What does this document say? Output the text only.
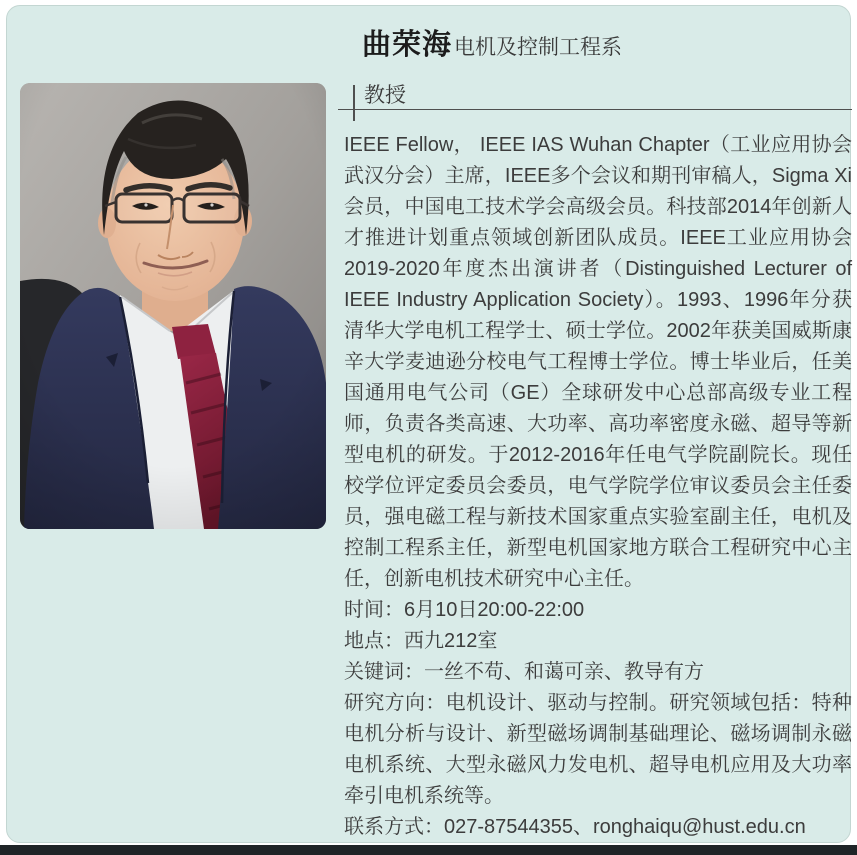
曲荣海 电机及控制工程系
教授

IEEE Fellow， IEEE IAS Wuhan Chapter（工业应用协会武汉分会）主席，IEEE多个会议和期刊审稿人，Sigma Xi会员，中国电工技术学会高级会员。科技部2014年创新人才推进计划重点领域创新团队成员。IEEE工业应用协会2019-2020年度杰出演讲者（Distinguished Lecturer of IEEE Industry Application Society）。1993、1996年分获清华大学电机工程学士、硕士学位。2002年获美国威斯康辛大学麦迪逊分校电气工程博士学位。博士毕业后，任美国通用电气公司（GE）全球研发中心总部高级专业工程师，负责各类高速、大功率、高功率密度永磁、超导等新型电机的研发。于2012-2016年任电气学院副院长。现任校学位评定委员会委员，电气学院学位审议委员会主任委员，强电磁工程与新技术国家重点实验室副主任，电机及控制工程系主任，新型电机国家地方联合工程研究中心主任，创新电机技术研究中心主任。

时间：6月10日20:00-22:00

地点：西九212室

关键词：一丝不苟、和蔼可亲、教导有方

研究方向：电机设计、驱动与控制。研究领域包括：特种电机分析与设计、新型磁场调制基础理论、磁场调制永磁电机系统、大型永磁风力发电机、超导电机应用及大功率牵引电机系统等。

联系方式：027-87544355、ronghaiqu@hust.edu.cn
